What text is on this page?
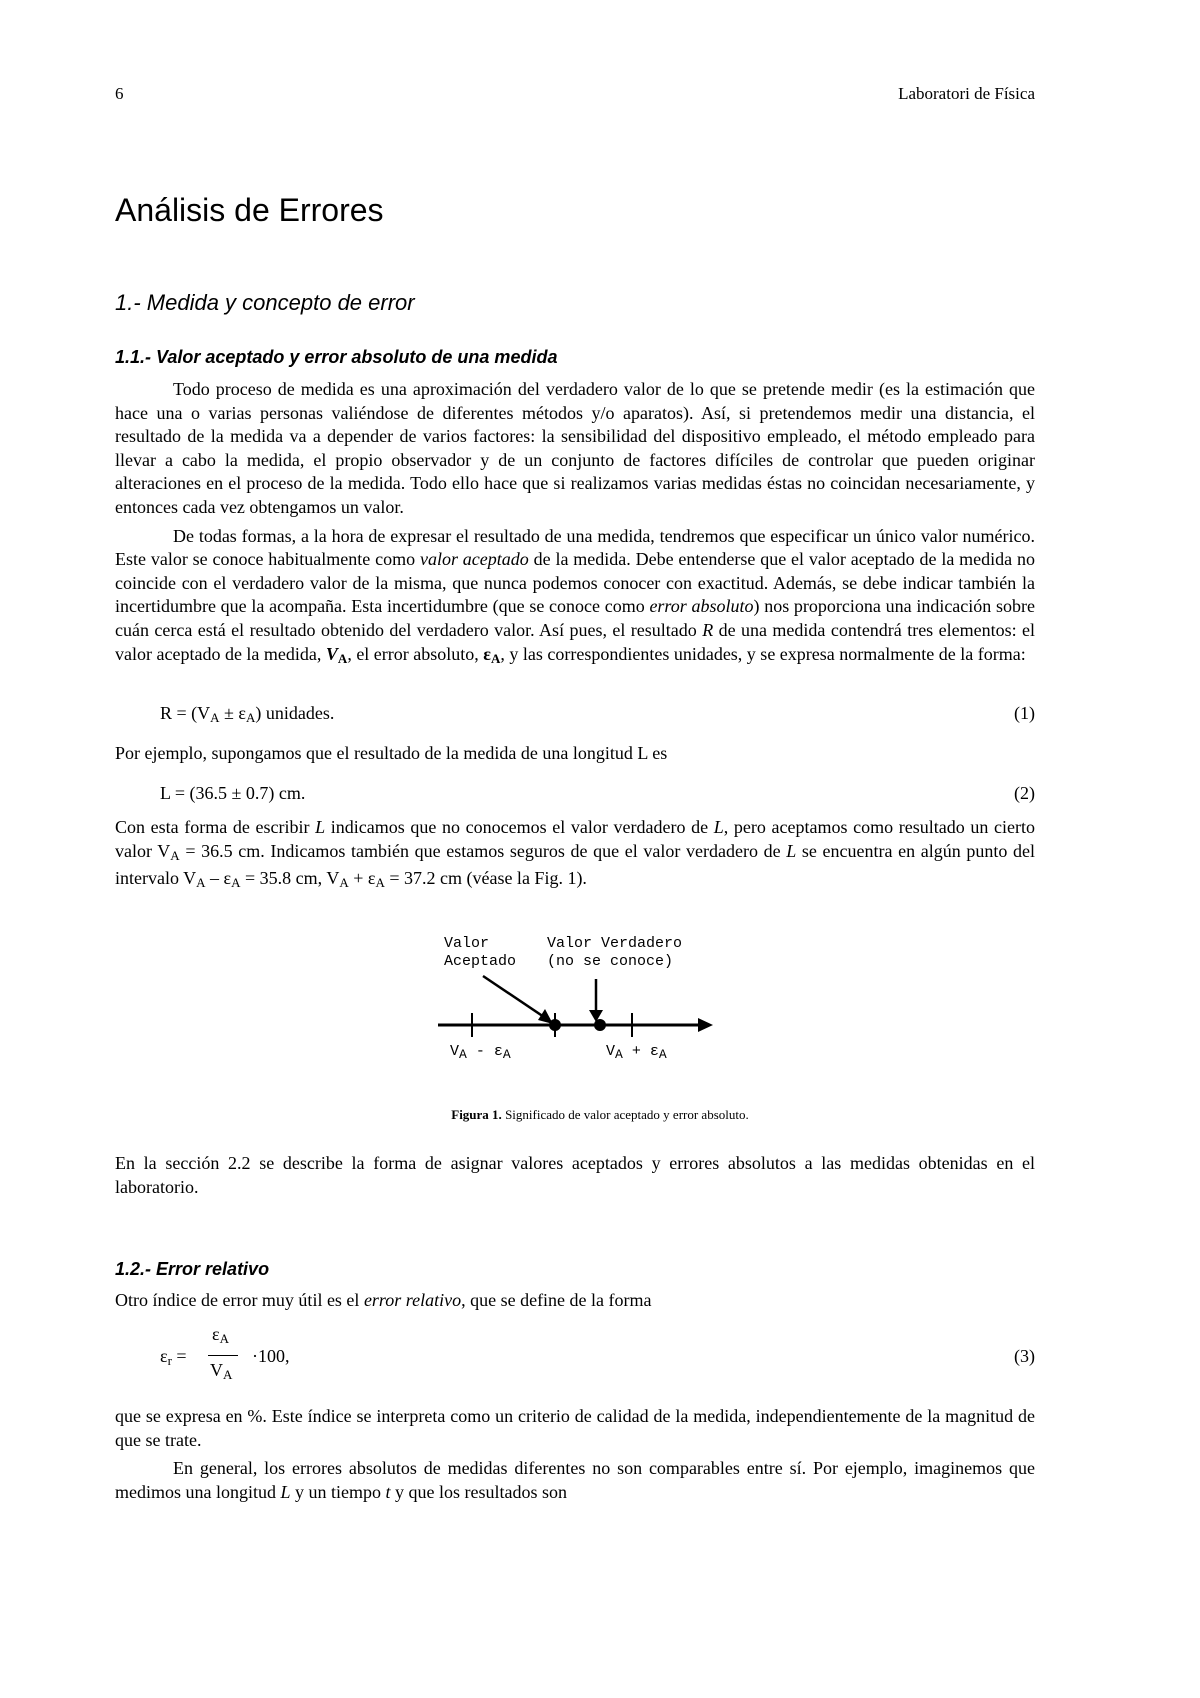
6	Laboratori de Física
Análisis de Errores
1.- Medida y concepto de error
1.1.- Valor aceptado y error absoluto de una medida

Todo proceso de medida es una aproximación del verdadero valor de lo que se pretende medir (es la estimación que hace una o varias personas valiéndose de diferentes métodos y/o aparatos). Así, si pretendemos medir una distancia, el resultado de la medida va a depender de varios factores: la sensibilidad del dispositivo empleado, el método empleado para llevar a cabo la medida, el propio observador y de un conjunto de factores difíciles de controlar que pueden originar alteraciones en el proceso de la medida. Todo ello hace que si realizamos varias medidas éstas no coincidan necesariamente, y entonces cada vez obtengamos un valor.

De todas formas, a la hora de expresar el resultado de una medida, tendremos que especificar un único valor numérico. Este valor se conoce habitualmente como valor aceptado de la medida. Debe entenderse que el valor aceptado de la medida no coincide con el verdadero valor de la misma, que nunca podemos conocer con exactitud. Además, se debe indicar también la incertidumbre que la acompaña. Esta incertidumbre (que se conoce como error absoluto) nos proporciona una indicación sobre cuán cerca está el resultado obtenido del verdadero valor. Así pues, el resultado R de una medida contendrá tres elementos: el valor aceptado de la medida, $V_A$, el error absoluto, $\varepsilon_A$, y las correspondientes unidades, y se expresa normalmente de la forma:

$R = (V_A \pm \varepsilon_A)$ unidades.	(1)
Por ejemplo, supongamos que el resultado de la medida de una longitud L es
L = (36.5 ± 0.7) cm.	(2)

Con esta forma de escribir L indicamos que no conocemos el valor verdadero de L, pero aceptamos como resultado un cierto valor $V_A = 36.5$ cm. Indicamos también que estamos seguros de que el valor verdadero de L se encuentra en algún punto del intervalo $V_A - \varepsilon_A = 35.8$ cm, $V_A + \varepsilon_A = 37.2$ cm (véase la Fig. 1).

Valor
Aceptado
Valor Verdadero
(no se conoce)
$V_A - \varepsilon_A$	$V_A + \varepsilon_A$
Figura 1. Significado de valor aceptado y error absoluto.

En la sección 2.2 se describe la forma de asignar valores aceptados y errores absolutos a las medidas obtenidas en el laboratorio.

1.2.- Error relativo
Otro índice de error muy útil es el error relativo, que se define de la forma
$\varepsilon_r$ =
$\varepsilon_A$
$V_A$
·100,	(3)

que se expresa en %. Este índice se interpreta como un criterio de calidad de la medida, independientemente de la magnitud de que se trate.

En general, los errores absolutos de medidas diferentes no son comparables entre sí. Por ejemplo, imaginemos que medimos una longitud L y un tiempo t y que los resultados son
